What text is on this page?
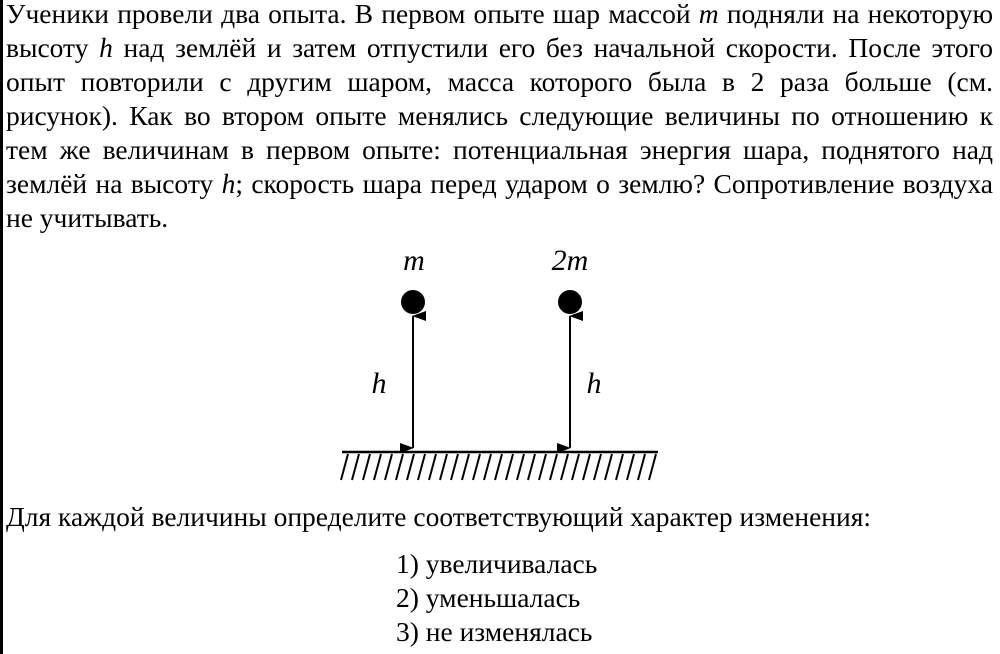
Ученики провели два опыта. В первом опыте шар массой m подняли на некоторую высоту h над землёй и затем отпустили его без начальной скорости. После этого опыт повторили с другим шаром, масса которого была в 2 раза больше (см. рисунок). Как во втором опыте менялись следующие величины по отношению к тем же величинам в первом опыте: потенциальная энергия шара, поднятого над землёй на высоту h; скорость шара перед ударом о землю? Сопротивление воздуха не учитывать.

m	2m
h	h

Для каждой величины определите соответствующий характер изменения:

1) увеличивалась
2) уменьшалась
3) не изменялась
